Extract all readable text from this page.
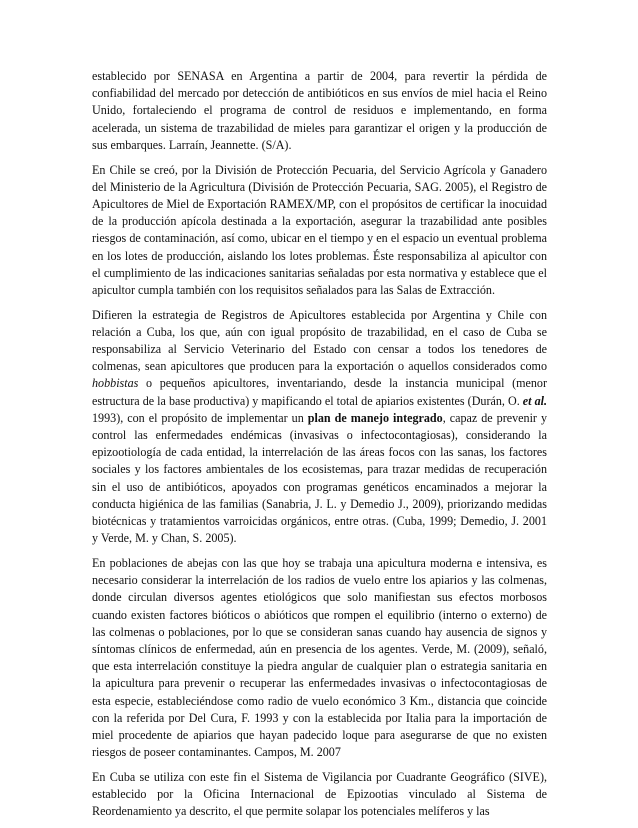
establecido por SENASA en Argentina a partir de 2004, para revertir la pérdida de confiabilidad del mercado por detección de antibióticos en sus envíos de miel hacia el Reino Unido, fortaleciendo el programa de control de residuos e implementando, en forma acelerada, un sistema de trazabilidad de mieles para garantizar el origen y la producción de sus embarques. Larraín, Jeannette. (S/A).

En Chile se creó, por la División de Protección Pecuaria, del Servicio Agrícola y Ganadero del Ministerio de la Agricultura (División de Protección Pecuaria, SAG. 2005), el Registro de Apicultores de Miel de Exportación RAMEX/MP, con el propósitos de certificar la inocuidad de la producción apícola destinada a la exportación, asegurar la trazabilidad ante posibles riesgos de contaminación, así como, ubicar en el tiempo y en el espacio un eventual problema en los lotes de producción, aislando los lotes problemas. Éste responsabiliza al apicultor con el cumplimiento de las indicaciones sanitarias señaladas por esta normativa y establece que el apicultor cumpla también con los requisitos señalados para las Salas de Extracción.

Difieren la estrategia de Registros de Apicultores establecida por Argentina y Chile con relación a Cuba, los que, aún con igual propósito de trazabilidad, en el caso de Cuba se responsabiliza al Servicio Veterinario del Estado con censar a todos los tenedores de colmenas, sean apicultores que producen para la exportación o aquellos considerados como hobbistas o pequeños apicultores, inventariando, desde la instancia municipal (menor estructura de la base productiva) y mapificando el total de apiarios existentes (Durán, O. et al. 1993), con el propósito de implementar un plan de manejo integrado, capaz de prevenir y control las enfermedades endémicas (invasivas o infectocontagiosas), considerando la epizootiología de cada entidad, la interrelación de las áreas focos con las sanas, los factores sociales y los factores ambientales de los ecosistemas, para trazar medidas de recuperación sin el uso de antibióticos, apoyados con programas genéticos encaminados a mejorar la conducta higiénica de las familias (Sanabria, J. L. y Demedio J., 2009), priorizando medidas biotécnicas y tratamientos varroicidas orgánicos, entre otras. (Cuba, 1999; Demedio, J. 2001 y Verde, M. y Chan, S. 2005).

En poblaciones de abejas con las que hoy se trabaja una apicultura moderna e intensiva, es necesario considerar la interrelación de los radios de vuelo entre los apiarios y las colmenas, donde circulan diversos agentes etiológicos que solo manifiestan sus efectos morbosos cuando existen factores bióticos o abióticos que rompen el equilibrio (interno o externo) de las colmenas o poblaciones, por lo que se consideran sanas cuando hay ausencia de signos y síntomas clínicos de enfermedad, aún en presencia de los agentes. Verde, M. (2009), señaló, que esta interrelación constituye la piedra angular de cualquier plan o estrategia sanitaria en la apicultura para prevenir o recuperar las enfermedades invasivas o infectocontagiosas de esta especie, estableciéndose como radio de vuelo económico 3 Km., distancia que coincide con la referida por Del Cura, F. 1993 y con la establecida por Italia para la importación de miel procedente de apiarios que hayan padecido loque para asegurarse de que no existen riesgos de poseer contaminantes. Campos, M. 2007

En Cuba se utiliza con este fin el Sistema de Vigilancia por Cuadrante Geográfico (SIVE), establecido por la Oficina Internacional de Epizootias vinculado al Sistema de Reordenamiento ya descrito, el que permite solapar los potenciales melíferos y las
